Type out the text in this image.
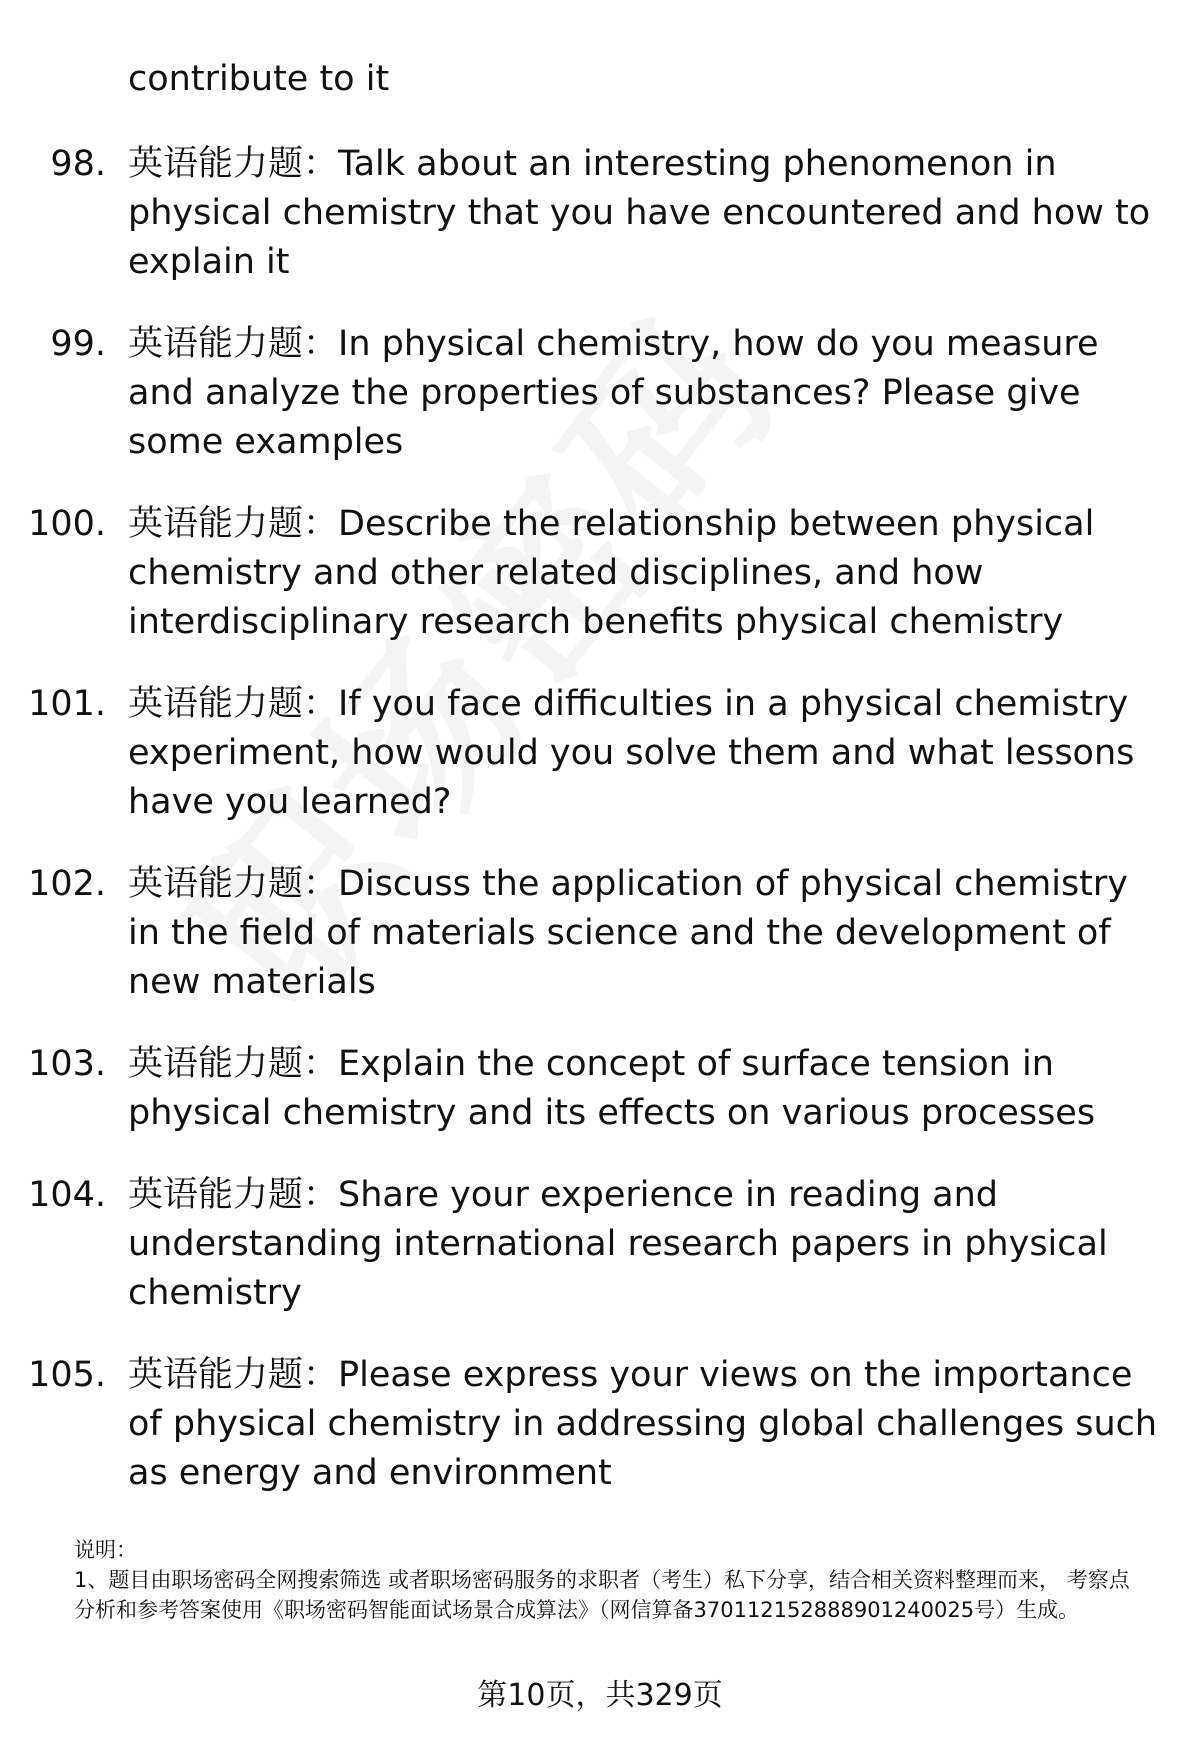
contribute to it
98. 英语能力题：Talk about an interesting phenomenon in physical chemistry that you have encountered and how to explain it
99. 英语能力题：In physical chemistry, how do you measure and analyze the properties of substances? Please give some examples
100. 英语能力题：Describe the relationship between physical chemistry and other related disciplines, and how interdisciplinary research benefits physical chemistry
101. 英语能力题：If you face difficulties in a physical chemistry experiment, how would you solve them and what lessons have you learned?
102. 英语能力题：Discuss the application of physical chemistry in the field of materials science and the development of new materials
103. 英语能力题：Explain the concept of surface tension in physical chemistry and its effects on various processes
104. 英语能力题：Share your experience in reading and understanding international research papers in physical chemistry
105. 英语能力题：Please express your views on the importance of physical chemistry in addressing global challenges such as energy and environment
说明：
1、题目由职场密码全网搜索筛选 或者职场密码服务的求职者（考生）私下分享，结合相关资料整理而来， 考察点分析和参考答案使用《职场密码智能面试场景合成算法》（网信算备370112152888901240025号）生成。
第10页，共329页
